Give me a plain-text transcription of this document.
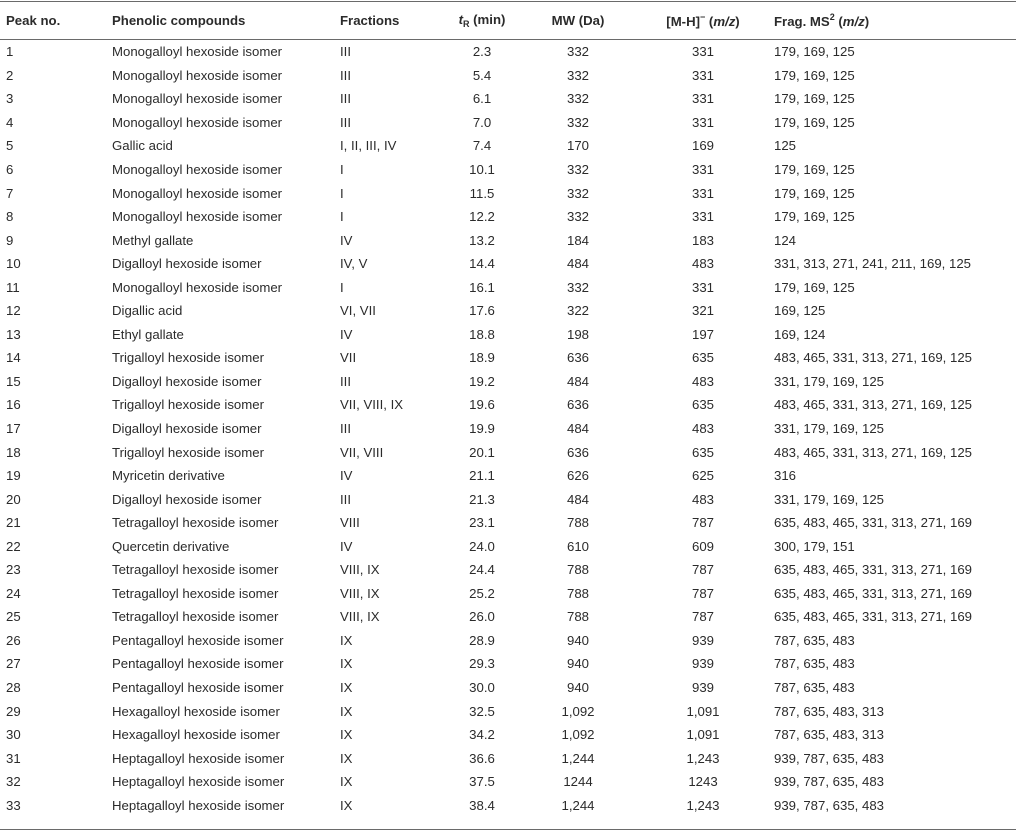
Peak no.	Phenolic compounds	Fractions	$t_R$ (min)	MW (Da)	[M-H]− (m/z)	Frag. $MS^2$ (m/z)

1	Monogalloyl hexoside isomer	III	2.3	332	331	179, 169, 125
2	Monogalloyl hexoside isomer	III	5.4	332	331	179, 169, 125
3	Monogalloyl hexoside isomer	III	6.1	332	331	179, 169, 125
4	Monogalloyl hexoside isomer	III	7.0	332	331	179, 169, 125
5	Gallic acid	I, II, III, IV	7.4	170	169	125
6	Monogalloyl hexoside isomer	I	10.1	332	331	179, 169, 125
7	Monogalloyl hexoside isomer	I	11.5	332	331	179, 169, 125
8	Monogalloyl hexoside isomer	I	12.2	332	331	179, 169, 125
9	Methyl gallate	IV	13.2	184	183	124
10	Digalloyl hexoside isomer	IV, V	14.4	484	483	331, 313, 271, 241, 211, 169, 125
11	Monogalloyl hexoside isomer	I	16.1	332	331	179, 169, 125
12	Digallic acid	VI, VII	17.6	322	321	169, 125
13	Ethyl gallate	IV	18.8	198	197	169, 124
14	Trigalloyl hexoside isomer	VII	18.9	636	635	483, 465, 331, 313, 271, 169, 125
15	Digalloyl hexoside isomer	III	19.2	484	483	331, 179, 169, 125
16	Trigalloyl hexoside isomer	VII, VIII, IX	19.6	636	635	483, 465, 331, 313, 271, 169, 125
17	Digalloyl hexoside isomer	III	19.9	484	483	331, 179, 169, 125
18	Trigalloyl hexoside isomer	VII, VIII	20.1	636	635	483, 465, 331, 313, 271, 169, 125
19	Myricetin derivative	IV	21.1	626	625	316
20	Digalloyl hexoside isomer	III	21.3	484	483	331, 179, 169, 125
21	Tetragalloyl hexoside isomer	VIII	23.1	788	787	635, 483, 465, 331, 313, 271, 169
22	Quercetin derivative	IV	24.0	610	609	300, 179, 151
23	Tetragalloyl hexoside isomer	VIII, IX	24.4	788	787	635, 483, 465, 331, 313, 271, 169
24	Tetragalloyl hexoside isomer	VIII, IX	25.2	788	787	635, 483, 465, 331, 313, 271, 169
25	Tetragalloyl hexoside isomer	VIII, IX	26.0	788	787	635, 483, 465, 331, 313, 271, 169
26	Pentagalloyl hexoside isomer	IX	28.9	940	939	787, 635, 483
27	Pentagalloyl hexoside isomer	IX	29.3	940	939	787, 635, 483
28	Pentagalloyl hexoside isomer	IX	30.0	940	939	787, 635, 483
29	Hexagalloyl hexoside isomer	IX	32.5	1,092	1,091	787, 635, 483, 313
30	Hexagalloyl hexoside isomer	IX	34.2	1,092	1,091	787, 635, 483, 313
31	Heptagalloyl hexoside isomer	IX	36.6	1,244	1,243	939, 787, 635, 483
32	Heptagalloyl hexoside isomer	IX	37.5	1244	1243	939, 787, 635, 483
33	Heptagalloyl hexoside isomer	IX	38.4	1,244	1,243	939, 787, 635, 483
